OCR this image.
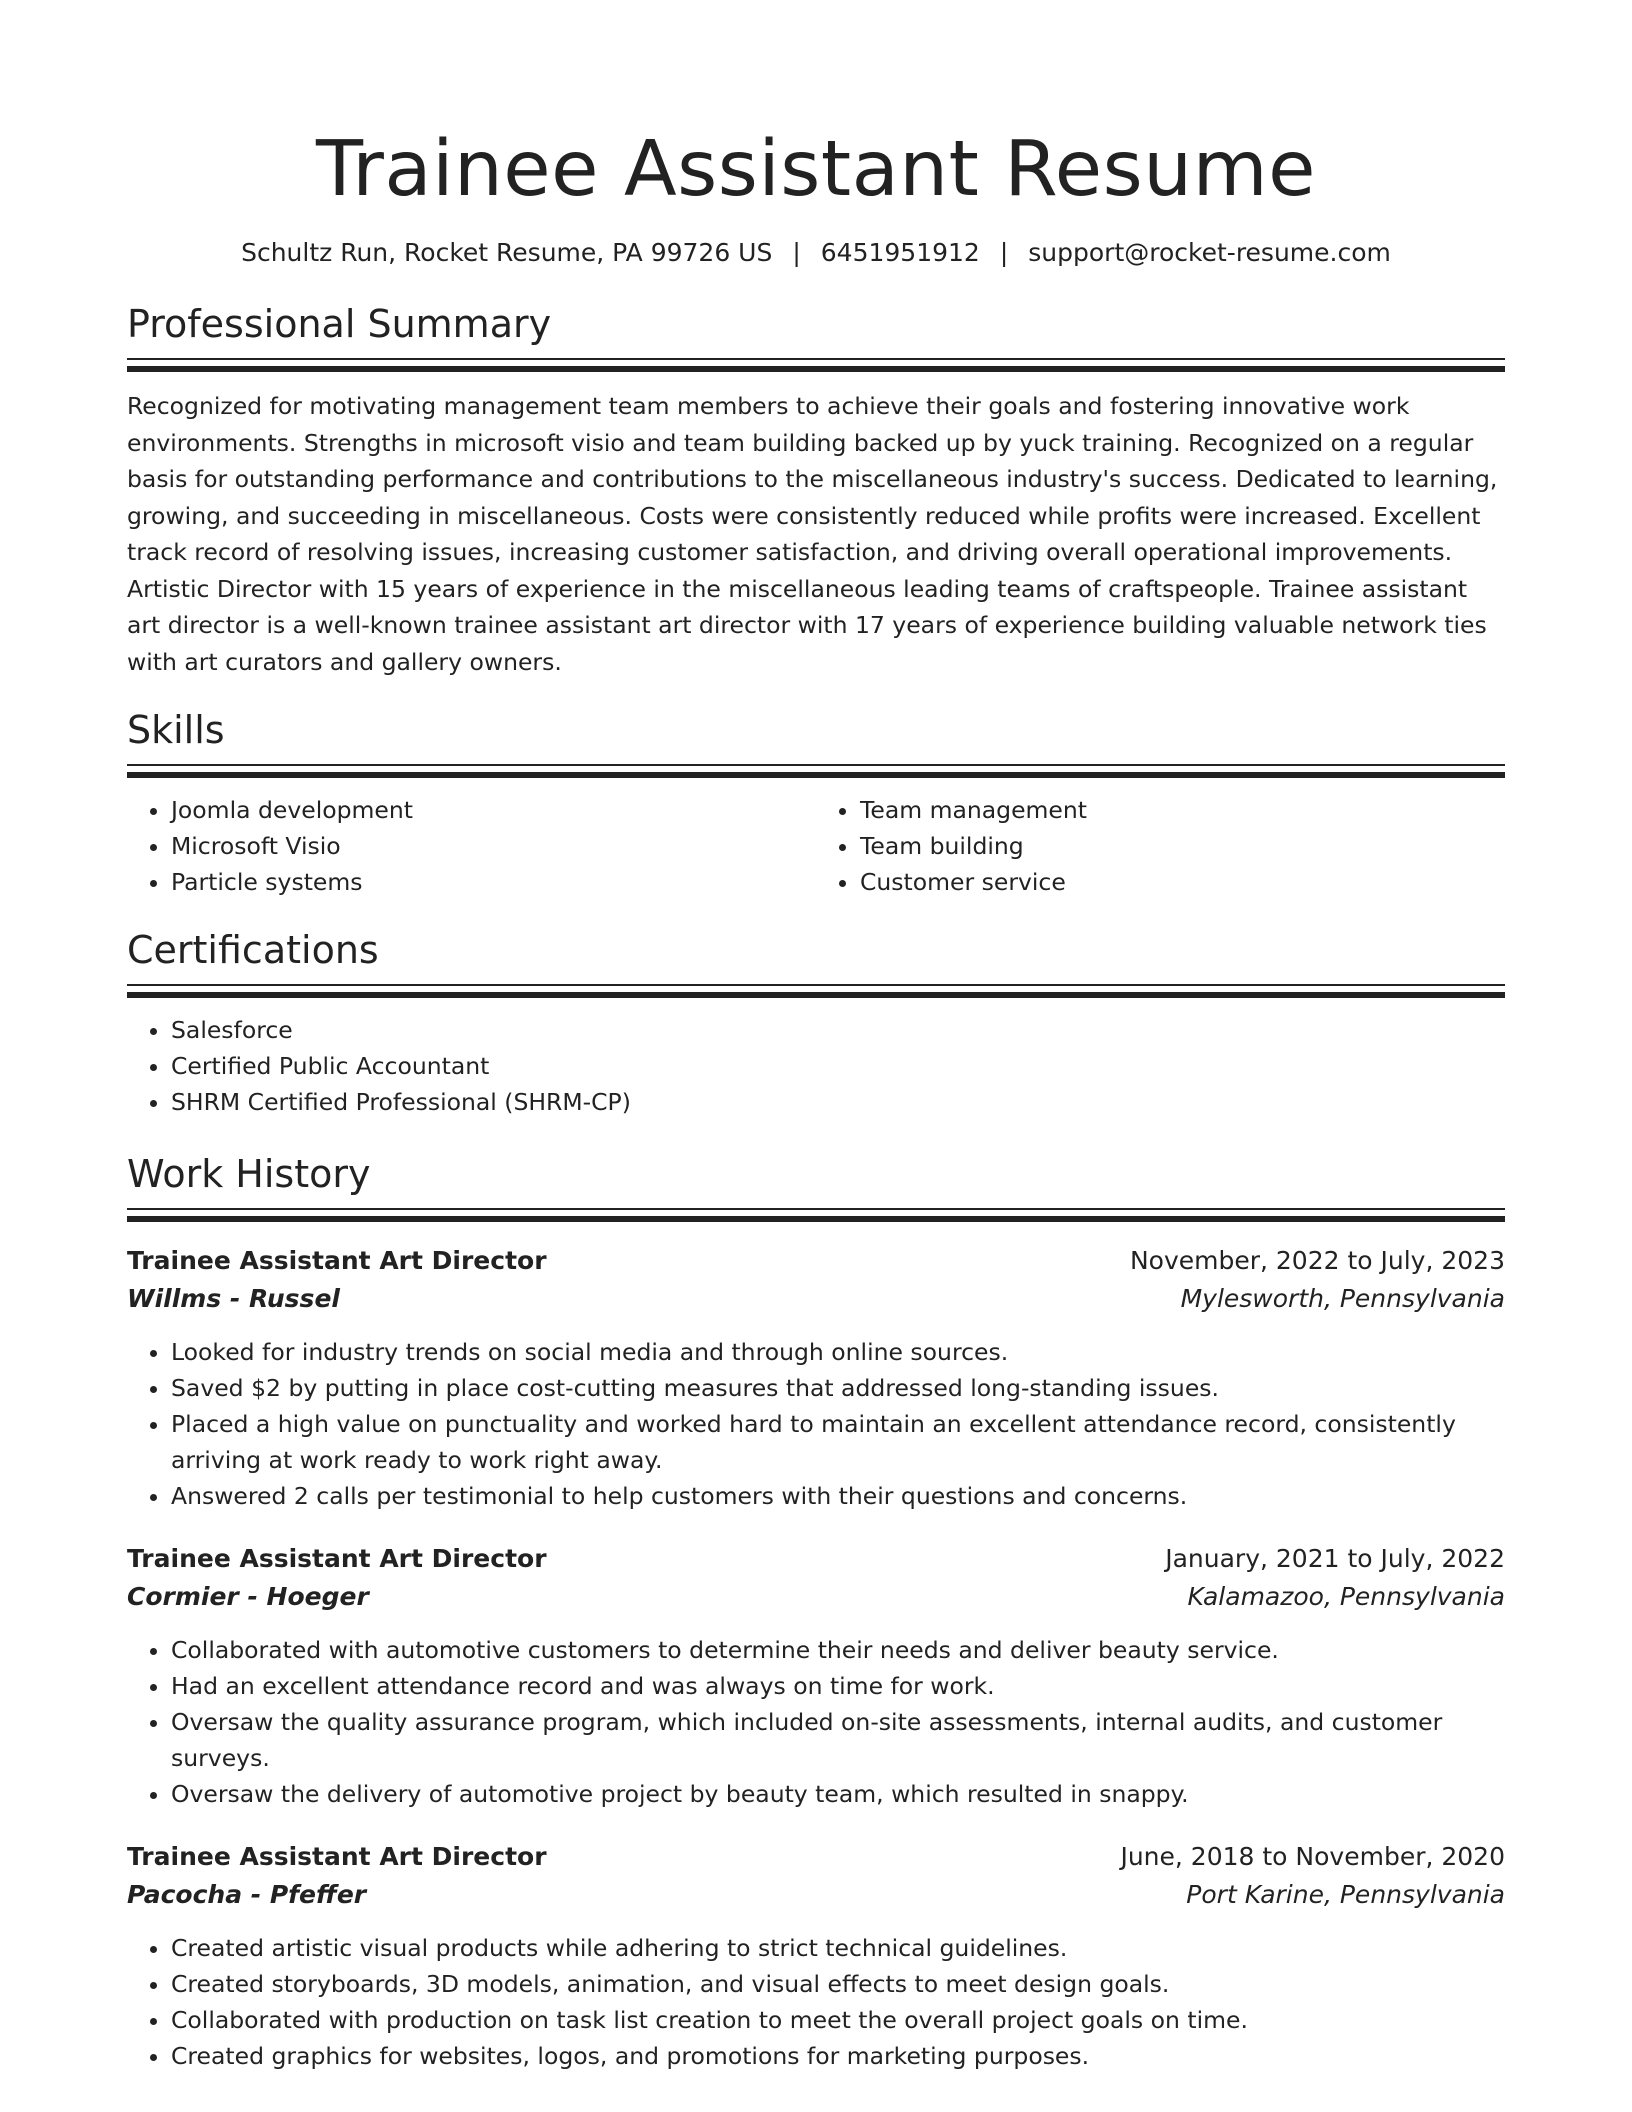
Trainee Assistant Resume
Schultz Run, Rocket Resume, PA 99726 US | 6451951912 | support@rocket-resume.com
Professional Summary

Recognized for motivating management team members to achieve their goals and fostering innovative work environments. Strengths in microsoft visio and team building backed up by yuck training. Recognized on a regular basis for outstanding performance and contributions to the miscellaneous industry's success. Dedicated to learning, growing, and succeeding in miscellaneous. Costs were consistently reduced while profits were increased. Excellent track record of resolving issues, increasing customer satisfaction, and driving overall operational improvements. Artistic Director with 15 years of experience in the miscellaneous leading teams of craftspeople. Trainee assistant art director is a well-known trainee assistant art director with 17 years of experience building valuable network ties with art curators and gallery owners.

Skills
• Joomla development
• Microsoft Visio
• Particle systems
• Team management
• Team building
• Customer service
Certifications
• Salesforce
• Certified Public Accountant
• SHRM Certified Professional (SHRM-CP)
Work History
Trainee Assistant Art Director	November, 2022 to July, 2023
Willms - Russel	Mylesworth, Pennsylvania
• Looked for industry trends on social media and through online sources.
• Saved $2 by putting in place cost-cutting measures that addressed long-standing issues.
• Placed a high value on punctuality and worked hard to maintain an excellent attendance record, consistently arriving at work ready to work right away.
• Answered 2 calls per testimonial to help customers with their questions and concerns.
Trainee Assistant Art Director	January, 2021 to July, 2022
Cormier - Hoeger	Kalamazoo, Pennsylvania
• Collaborated with automotive customers to determine their needs and deliver beauty service.
• Had an excellent attendance record and was always on time for work.
• Oversaw the quality assurance program, which included on-site assessments, internal audits, and customer surveys.
• Oversaw the delivery of automotive project by beauty team, which resulted in snappy.
Trainee Assistant Art Director	June, 2018 to November, 2020
Pacocha - Pfeffer	Port Karine, Pennsylvania
• Created artistic visual products while adhering to strict technical guidelines.
• Created storyboards, 3D models, animation, and visual effects to meet design goals.
• Collaborated with production on task list creation to meet the overall project goals on time.
• Created graphics for websites, logos, and promotions for marketing purposes.
